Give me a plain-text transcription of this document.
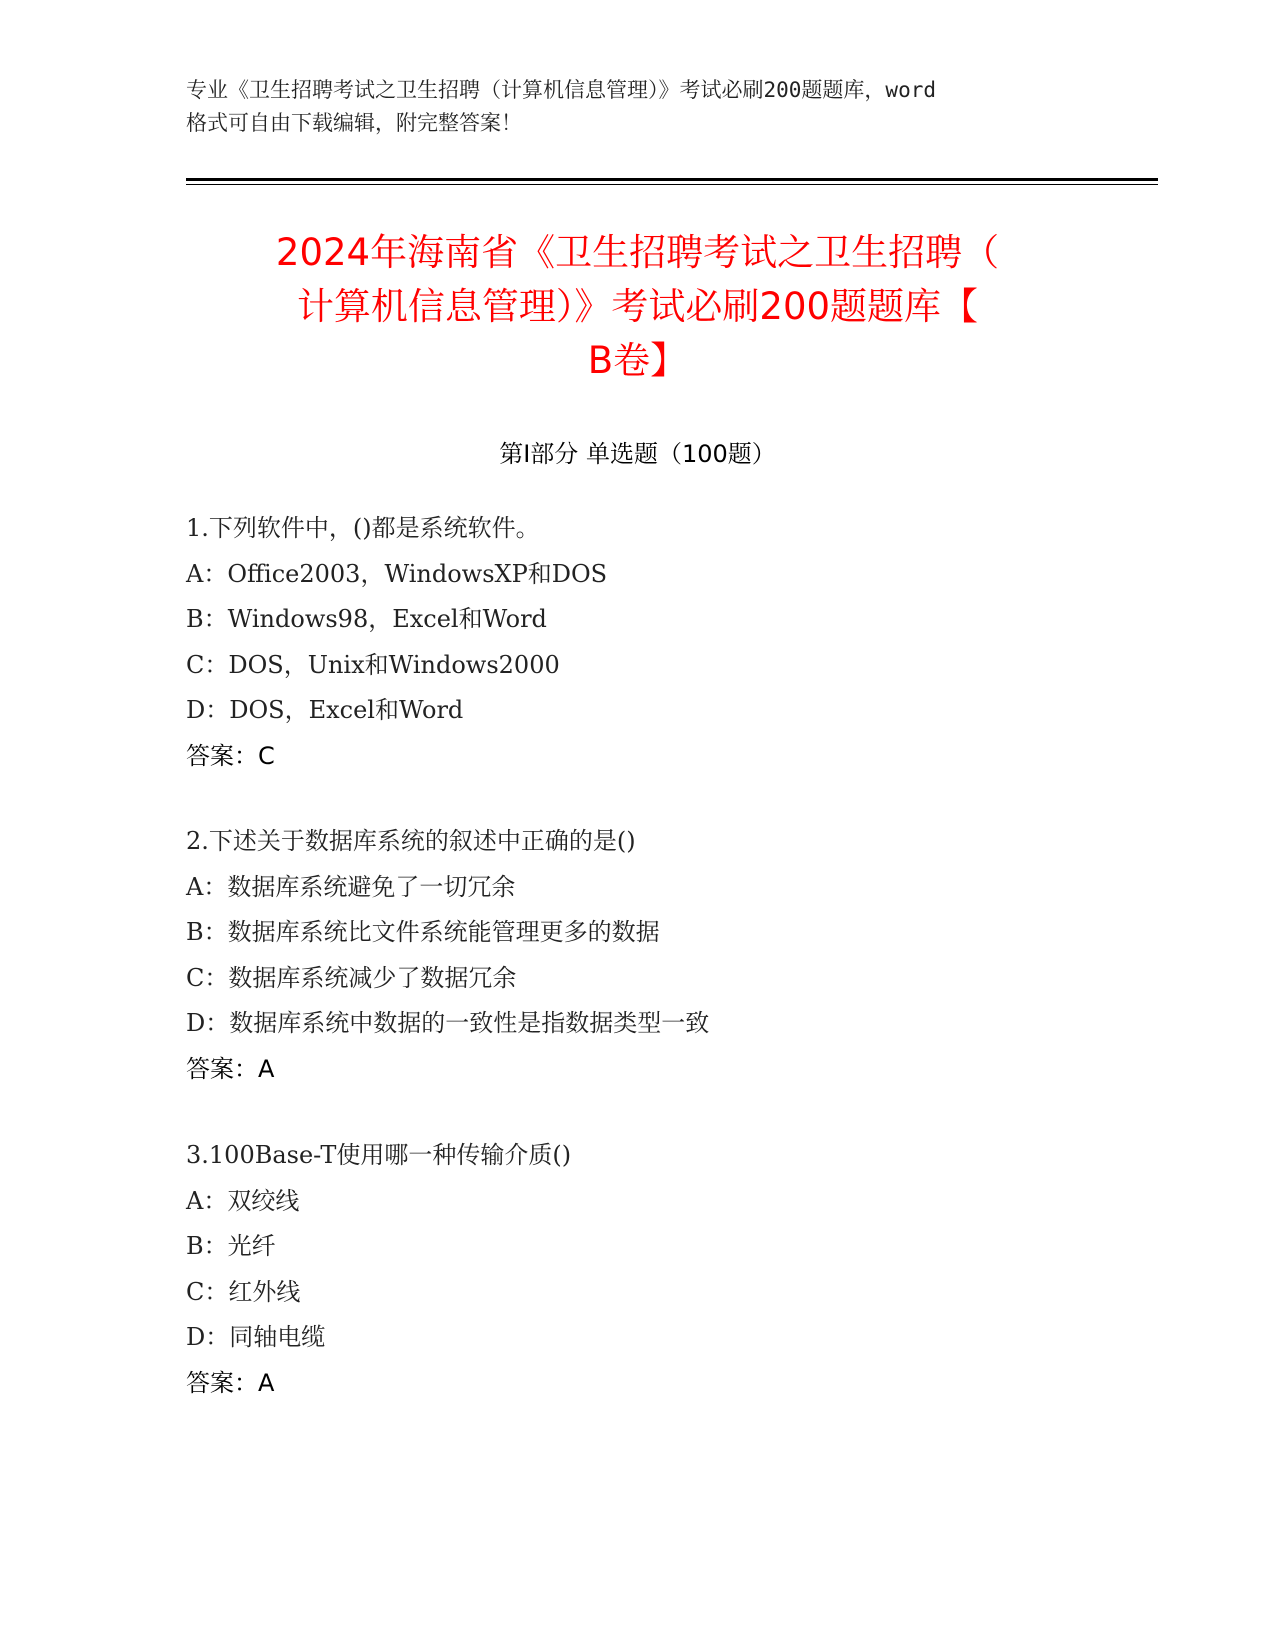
专业《卫生招聘考试之卫生招聘（计算机信息管理）》考试必刷200题题库，word
格式可自由下载编辑，附完整答案！
2024年海南省《卫生招聘考试之卫生招聘（
计算机信息管理）》考试必刷200题题库【
B卷】
第Ⅰ部分 单选题（100题）
1.下列软件中，()都是系统软件。
A：Office2003，WindowsXP和DOS
B：Windows98，Excel和Word
C：DOS，Unix和Windows2000
D：DOS，Excel和Word
答案：C
2.下述关于数据库系统的叙述中正确的是()
A：数据库系统避免了一切冗余
B：数据库系统比文件系统能管理更多的数据
C：数据库系统减少了数据冗余
D：数据库系统中数据的一致性是指数据类型一致
答案：A
3.100Base-T使用哪一种传输介质()
A：双绞线
B：光纤
C：红外线
D：同轴电缆
答案：A
